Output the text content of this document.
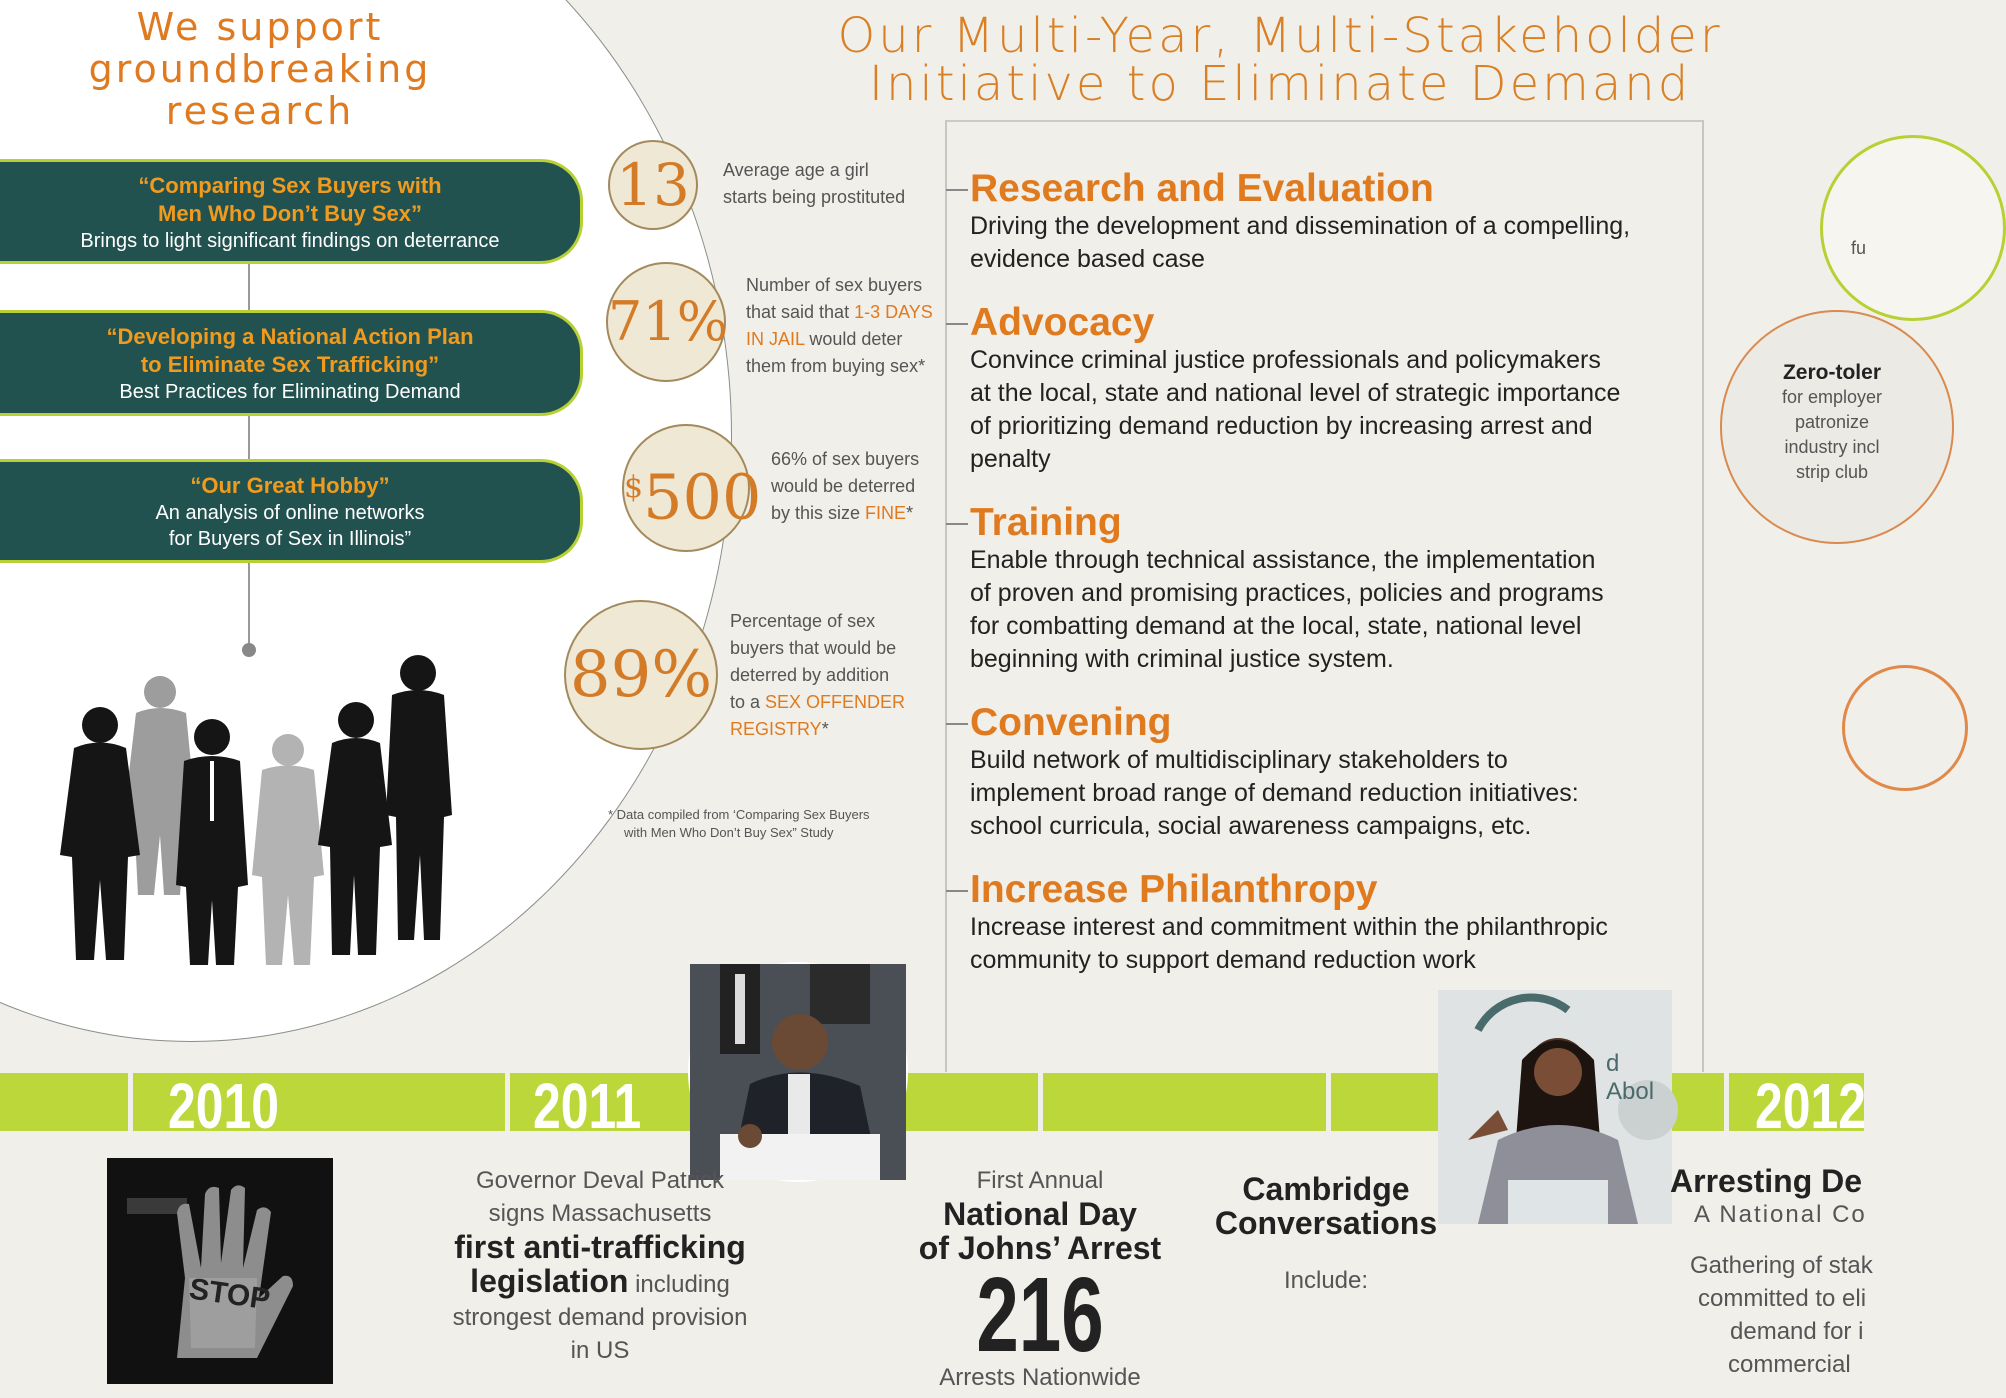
We support
groundbreaking
research
“Comparing Sex Buyers with
Men Who Don’t Buy Sex”
Brings to light significant findings on deterrance
“Developing a National Action Plan
to Eliminate Sex Trafficking”
Best Practices for Eliminating Demand
“Our Great Hobby”
An analysis of online networks
for Buyers of Sex in Illinois”
13	Average age a girl
starts being prostituted
71%
Number of sex buyers
that said that 1-3 DAYS
IN JAIL would deter
them from buying sex*
$500
66% of sex buyers
would be deterred
by this size FINE*
89%
Percentage of sex
buyers that would be
deterred by addition
to a SEX OFFENDER
REGISTRY*
* Data compiled from ‘Comparing Sex Buyers
with Men Who Don’t Buy Sex” Study
Our Multi-Year, Multi-Stakeholder
Initiative to Eliminate Demand
Research and Evaluation

Driving the development and dissemination of a compelling,

evidence based case

Advocacy

Convince criminal justice professionals and policymakers

at the local, state and national level of strategic importance

of prioritizing demand reduction by increasing arrest and

penalty

Training

Enable through technical assistance, the implementation

of proven and promising practices, policies and programs

for combatting demand at the local, state, national level

beginning with criminal justice system.

Convening

Build network of multidisciplinary stakeholders to

implement broad range of demand reduction initiatives:

school curricula, social awareness campaigns, etc.

Increase Philanthropy

Increase interest and commitment within the philanthropic

community to support demand reduction work

fu
Zero-toler
for employer
patronize
industry incl
strip club
2010	2011	2012
STOP
d Abol
Governor Deval Patrick
signs Massachusetts
first anti-trafficking
legislation including
strongest demand provision
in US
First Annual
National Day
of Johns’ Arrest
216
Arrests Nationwide
Cambridge
Conversations
Include:
Arresting De
A National Co
Gathering of stak
committed to eli
demand for i
commercial
